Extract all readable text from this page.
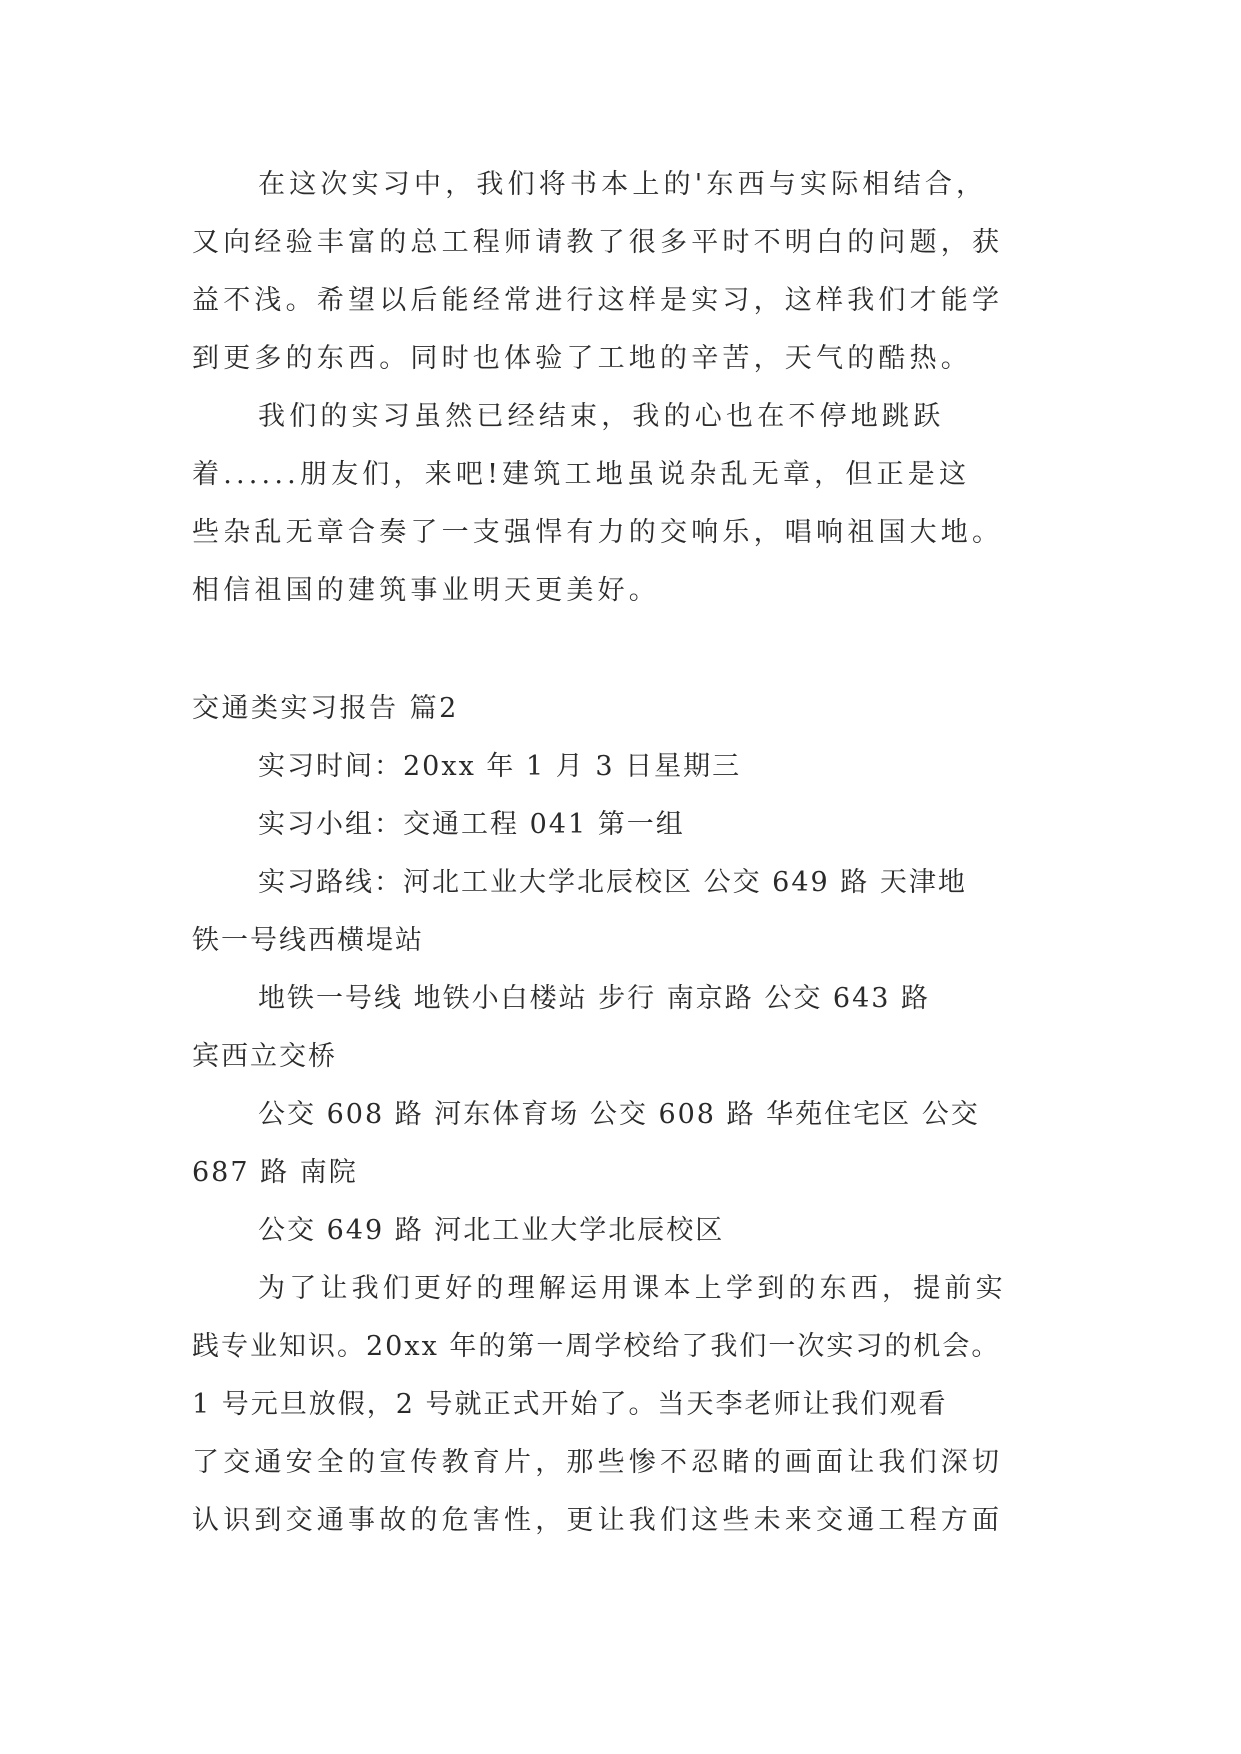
在这次实习中，我们将书本上的'东西与实际相结合，

又向经验丰富的总工程师请教了很多平时不明白的问题，获

益不浅。希望以后能经常进行这样是实习，这样我们才能学

到更多的东西。同时也体验了工地的辛苦，天气的酷热。

我们的实习虽然已经结束，我的心也在不停地跳跃

着......朋友们，来吧!建筑工地虽说杂乱无章，但正是这

些杂乱无章合奏了一支强悍有力的交响乐，唱响祖国大地。

相信祖国的建筑事业明天更美好。

交通类实习报告 篇2

实习时间：20xx 年 1 月 3 日星期三

实习小组：交通工程 041 第一组

实习路线：河北工业大学北辰校区 公交 649 路 天津地

铁一号线西横堤站

地铁一号线 地铁小白楼站 步行 南京路 公交 643 路

宾西立交桥

公交 608 路 河东体育场 公交 608 路 华苑住宅区 公交

687 路 南院

公交 649 路 河北工业大学北辰校区

为了让我们更好的理解运用课本上学到的东西，提前实

践专业知识。20xx 年的第一周学校给了我们一次实习的机会。

1 号元旦放假，2 号就正式开始了。当天李老师让我们观看

了交通安全的宣传教育片，那些惨不忍睹的画面让我们深切

认识到交通事故的危害性，更让我们这些未来交通工程方面
